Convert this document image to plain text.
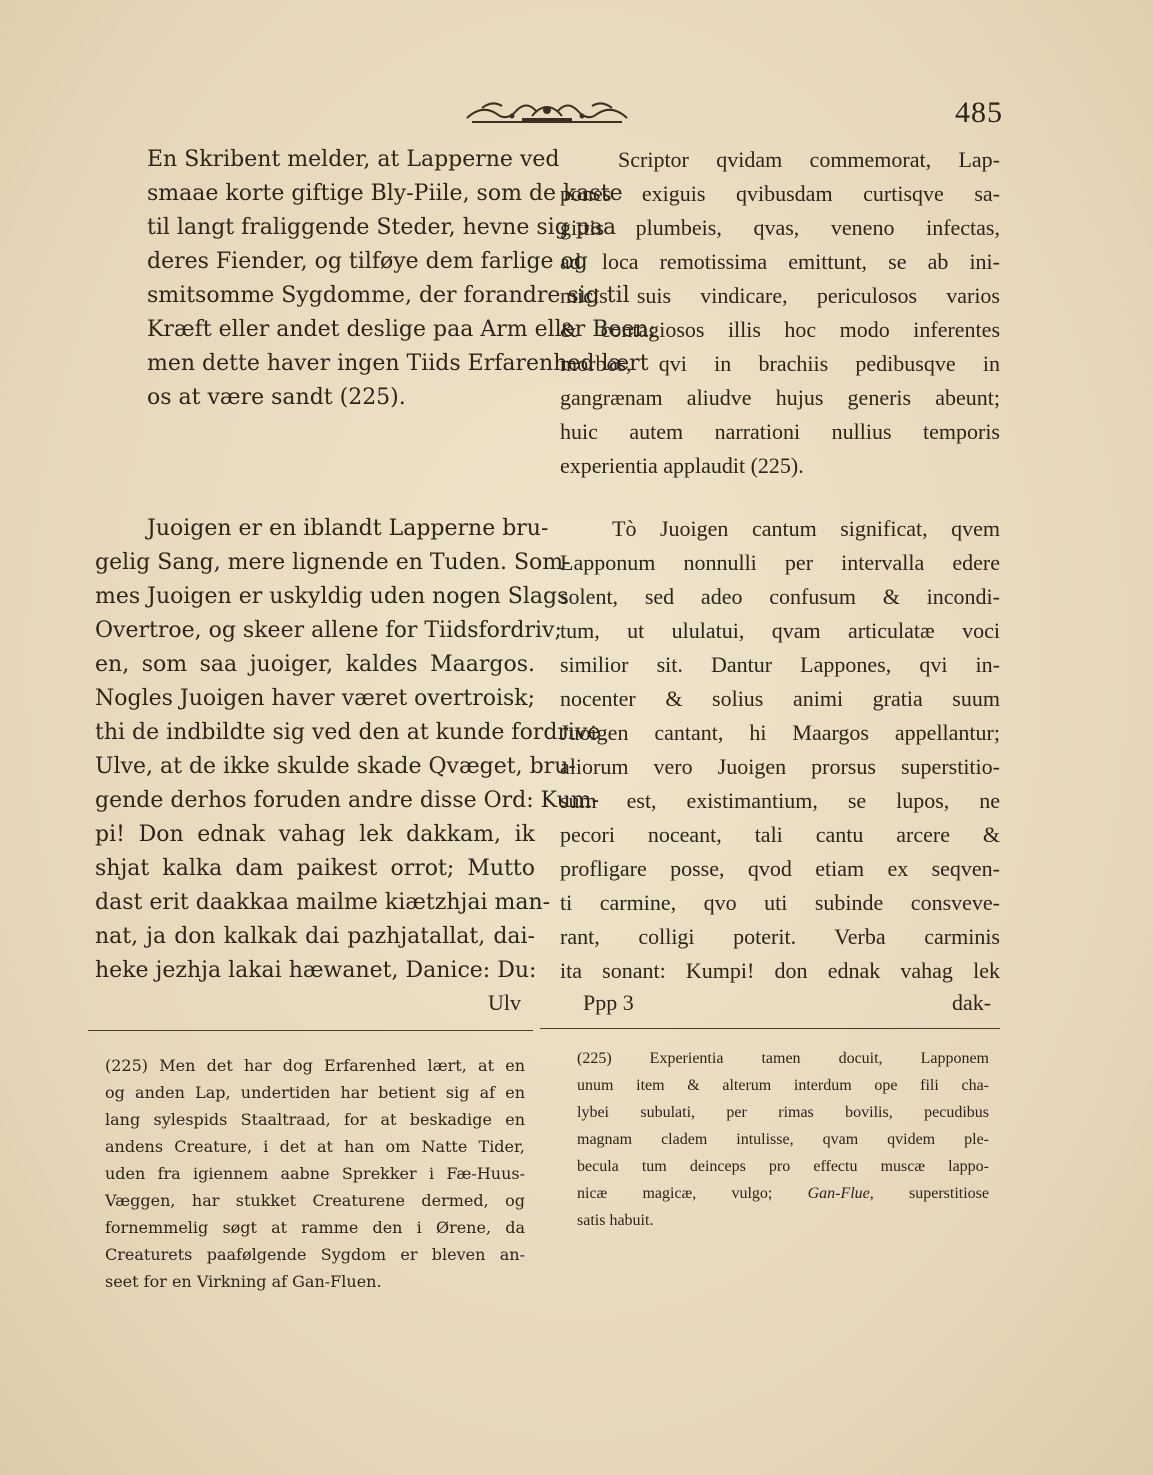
485

En Skribent melder, at Lapperne ved
smaae korte giftige Bly-Piile, som de kaste
til langt fraliggende Steder, hevne sig paa
deres Fiender, og tilføye dem farlige og
smitsomme Sygdomme, der forandre sig til
Kræft eller andet deslige paa Arm eller Been;
men dette haver ingen Tiids Erfarenhed lært
os at være sandt (225).

Juoigen er en iblandt Lapperne bru-
gelig Sang, mere lignende en Tuden. Som-
mes Juoigen er uskyldig uden nogen Slags
Overtroe, og skeer allene for Tiidsfordriv;
en, som saa juoiger, kaldes Maargos.
Nogles Juoigen haver været overtroisk;
thi de indbildte sig ved den at kunde fordrive
Ulve, at de ikke skulde skade Qvæget, bru-
gende derhos foruden andre disse Ord: Kum-
pi! Don ednak vahag lek dakkam, ik
shjat kalka dam paikest orrot; Mutto
dast erit daakkaa mailme kiætzhjai man-
nat, ja don kalkak dai pazhjatallat, dai-
heke jezhja lakai hæwanet, Danice: Du:

Ulv

Scriptor qvidam commemorat, Lap-
pones exiguis qvibusdam curtisqve sa-
gittis plumbeis, qvas, veneno infectas,
ad loca remotissima emittunt, se ab ini-
micis suis vindicare, periculosos varios
& contagiosos illis hoc modo inferentes
morbos, qvi in brachiis pedibusqve in
gangrænam aliudve hujus generis abeunt;
huic autem narrationi nullius temporis
experientia applaudit (225).

Tò Juoigen cantum significat, qvem
Lapponum nonnulli per intervalla edere
solent, sed adeo confusum & incondi-
tum, ut ululatui, qvam articulatæ voci
similior sit. Dantur Lappones, qvi in-
nocenter & solius animi gratia suum
Juoigen cantant, hi Maargos appellantur;
aliorum vero Juoigen prorsus superstitio-
sum est, existimantium, se lupos, ne
pecori noceant, tali cantu arcere &
profligare posse, qvod etiam ex seqven-
ti carmine, qvo uti subinde consveve-
rant, colligi poterit. Verba carminis
ita sonant: Kumpi! don ednak vahag lek

Ppp 3	dak-

(225) Men det har dog Erfarenhed lært, at en
og anden Lap, undertiden har betient sig af en
lang sylespids Staaltraad, for at beskadige en
andens Creature, i det at han om Natte Tider,
uden fra igiennem aabne Sprekker i Fæ-Huus-
Væggen, har stukket Creaturene dermed, og
fornemmelig søgt at ramme den i Ørene, da
Creaturets paafølgende Sygdom er bleven an-
seet for en Virkning af Gan-Fluen.

(225) Experientia tamen docuit, Lapponem
unum item & alterum interdum ope fili cha-
lybei subulati, per rimas bovilis, pecudibus
magnam cladem intulisse, qvam qvidem ple-
becula tum deinceps pro effectu muscæ lappo-
nicæ magicæ, vulgo; Gan-Flue, superstitiose
satis habuit.
